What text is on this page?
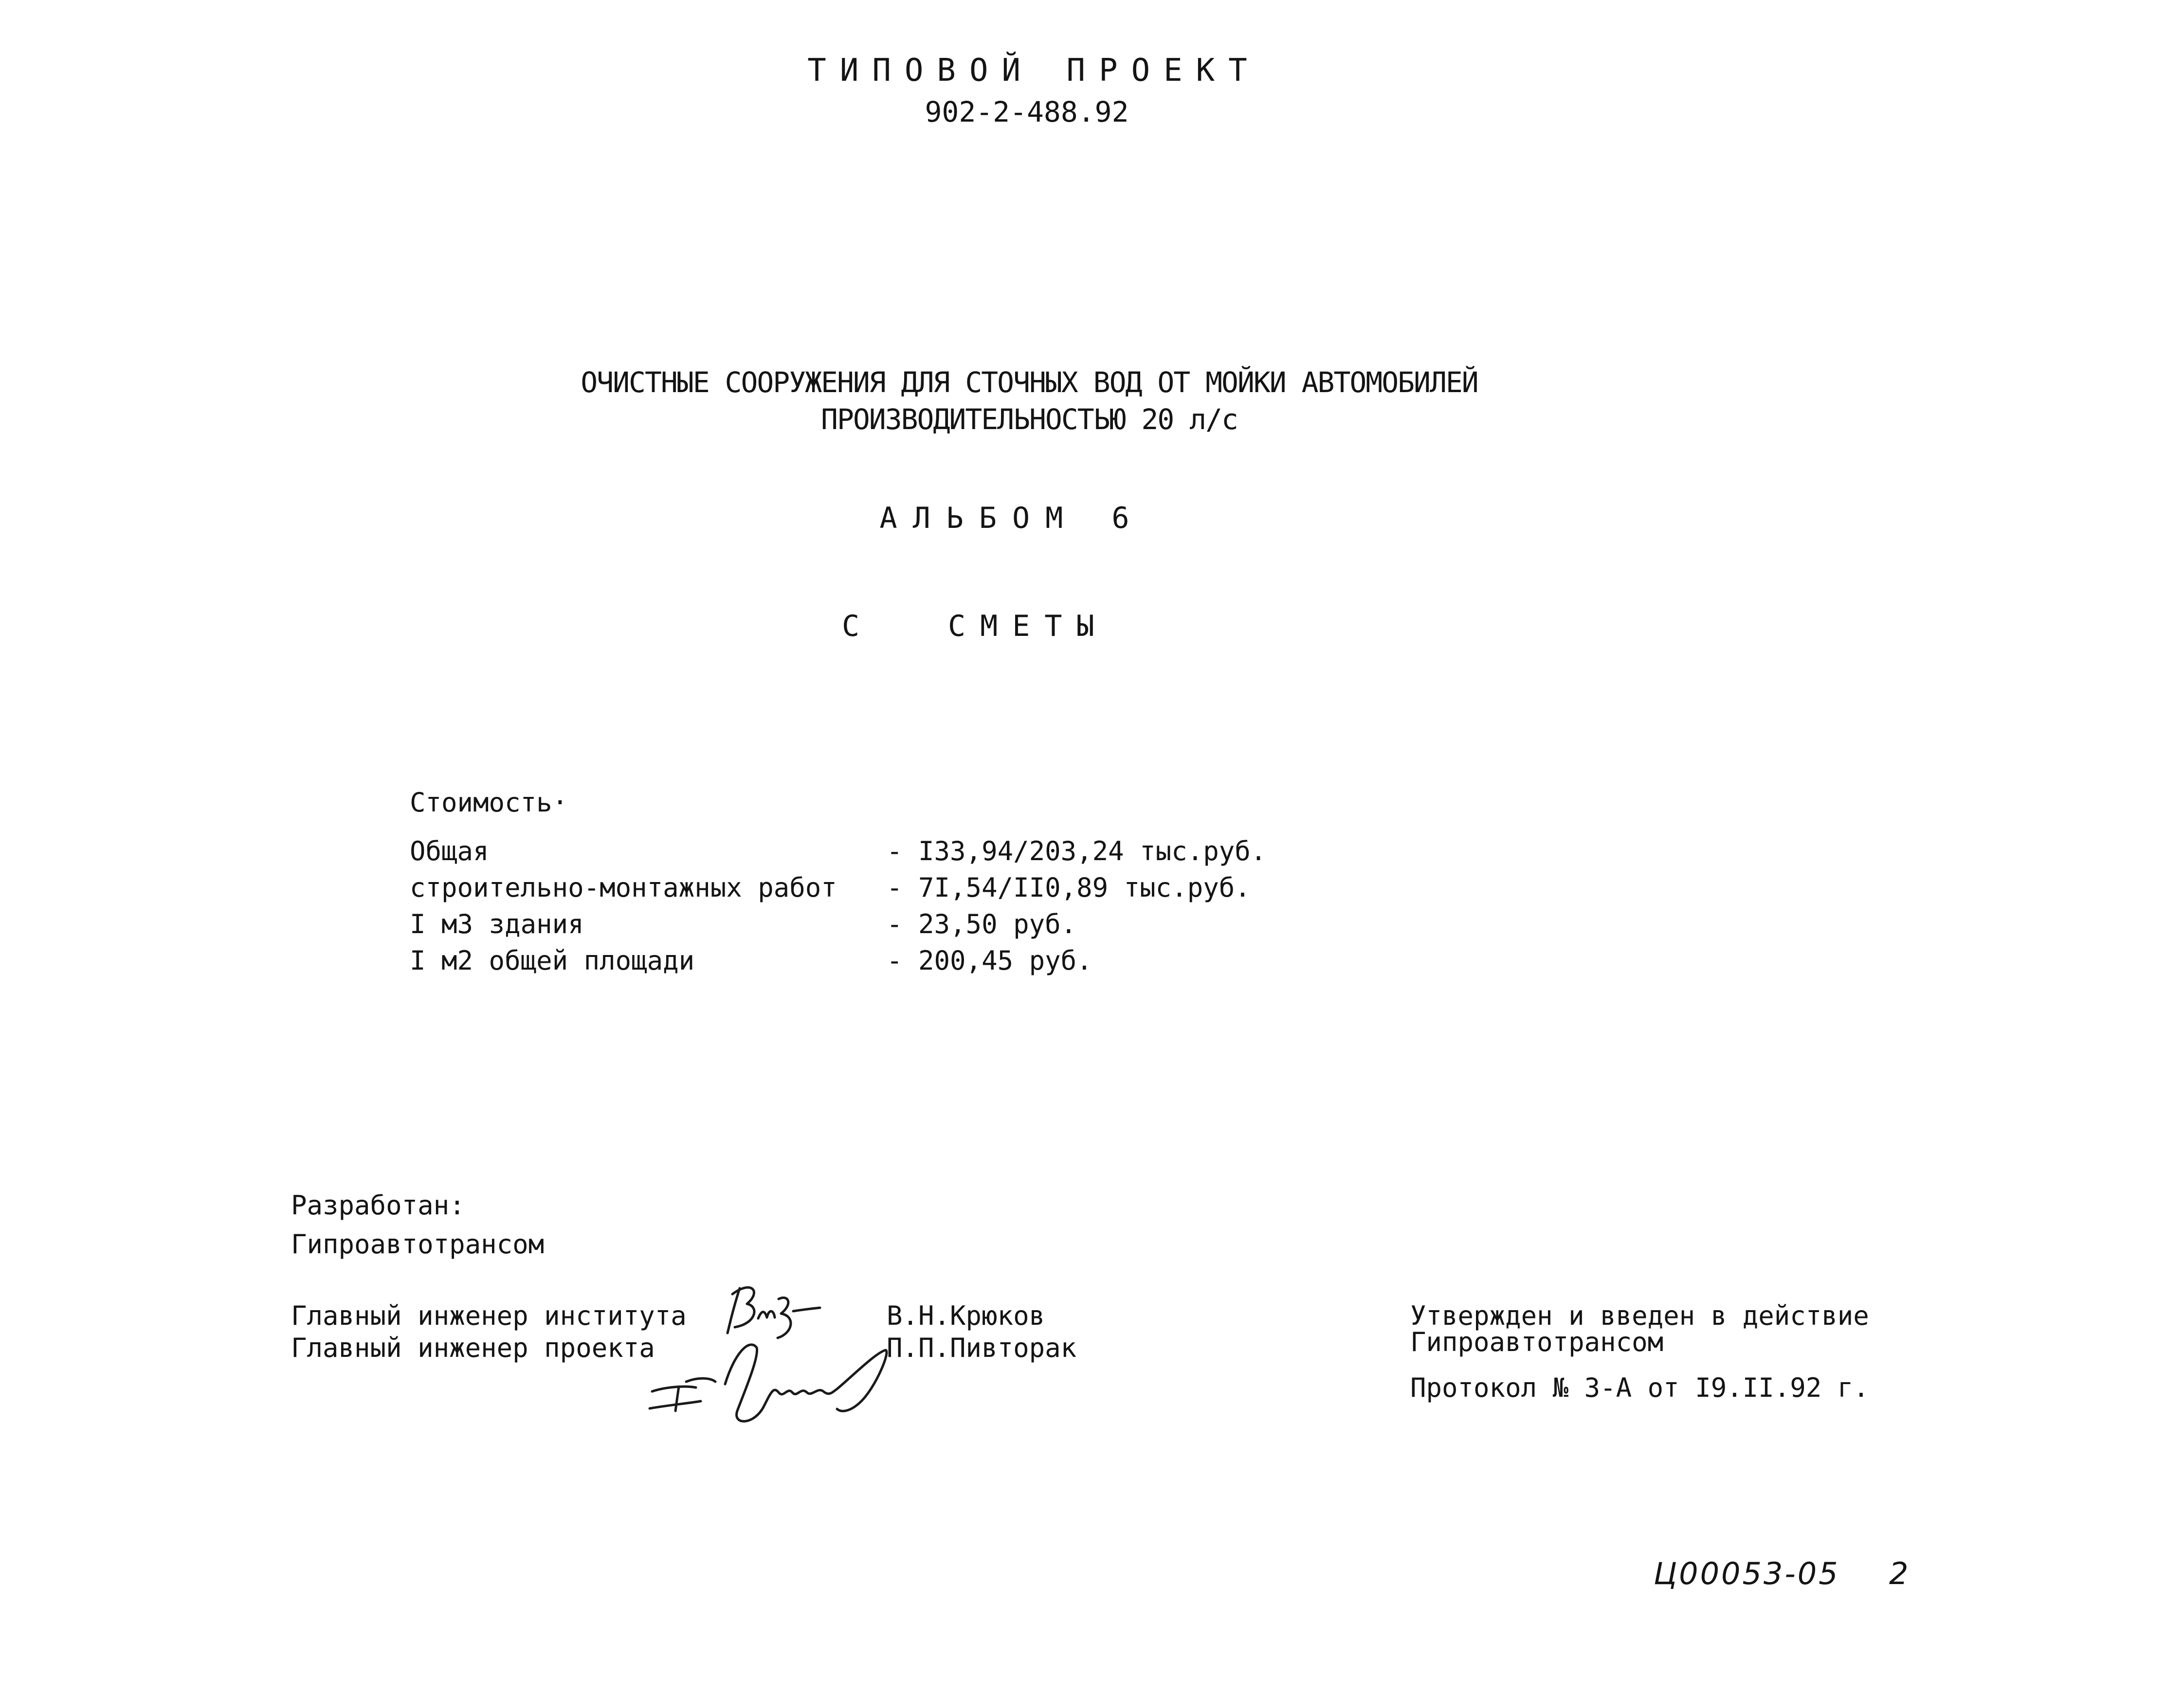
ТИПОВОЙ ПРОЕКТ
902-2-488.92
ОЧИСТНЫЕ СООРУЖЕНИЯ ДЛЯ СТОЧНЫХ ВОД ОТ МОЙКИ АВТОМОБИЛЕЙ
ПРОИЗВОДИТЕЛЬНОСТЬЮ 20 л/с
АЛЬБОМ 6
С	СМЕТЫ
Стоимость·
Общая	- I33,94/203,24 тыс.руб.
строительно-монтажных работ	- 7I,54/II0,89 тыс.руб.
I м3 здания	- 23,50 руб.
I м2 общей площади	- 200,45 руб.
Разработан:
Гипроавтотрансом
Главный инженер института
Главный инженер проекта
В.Н.Крюков
П.П.Пивторак
Утвержден и введен в действие
Гипроавтотрансом
Протокол № 3-А от I9.II.92 г.
Ц00053-05 2
